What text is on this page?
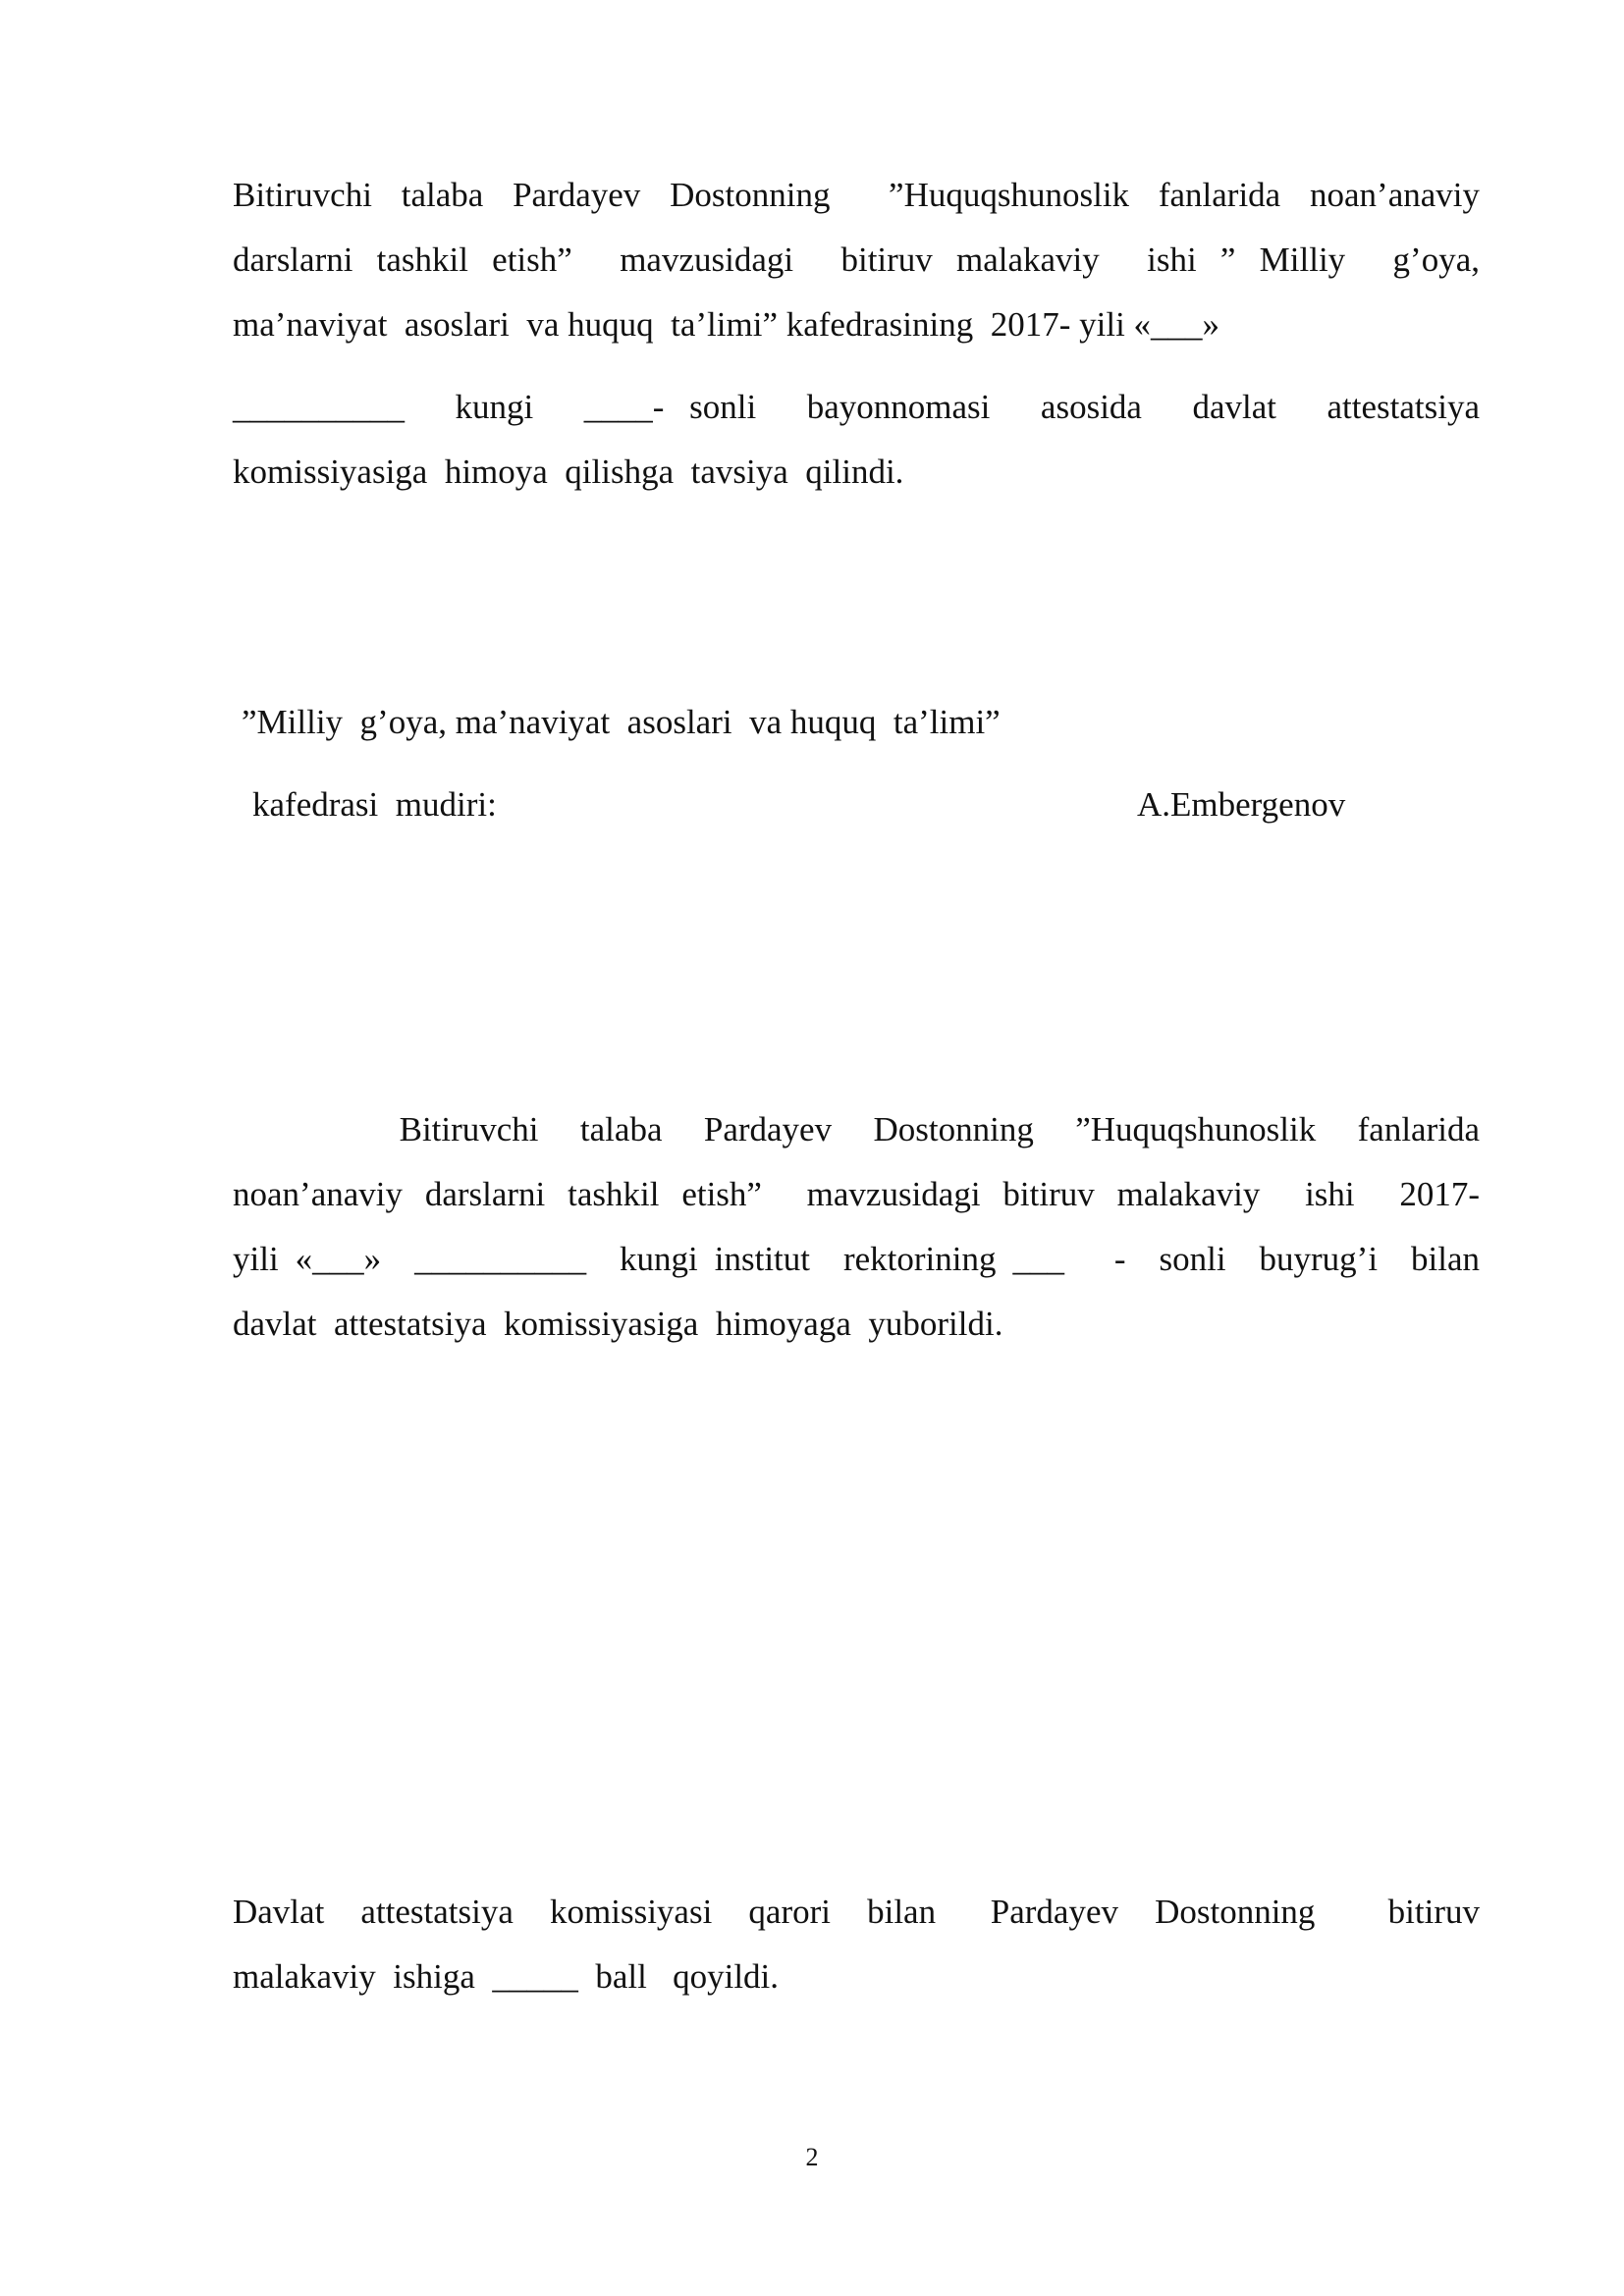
Bitiruvchi talaba Pardayev Dostonning  ”Huquqshunoslik fanlarida noan’anaviy
darslarni tashkil etish”  mavzusidagi  bitiruv malakaviy  ishi ” Milliy  g’oya,
ma’naviyat  asoslari  va huquq  ta’limi” kafedrasining  2017- yili «___»
__________  kungi  ____- sonli  bayonnomasi  asosida  davlat  attestatsiya
komissiyasiga  himoya  qilishga  tavsiya  qilindi.
”Milliy  g’oya, ma’naviyat  asoslari  va huquq  ta’limi”
kafedrasi  mudiri:	A.Embergenov
Bitiruvchi  talaba  Pardayev  Dostonning  ”Huquqshunoslik  fanlarida
noan’anaviy darslarni tashkil etish”  mavzusidagi bitiruv malakaviy  ishi  2017-
yili «___»  __________  kungi institut  rektorining ___   -  sonli  buyrug’i  bilan
davlat  attestatsiya  komissiyasiga  himoyaga  yuborildi.
Davlat  attestatsiya  komissiyasi  qarori  bilan   Pardayev  Dostonning    bitiruv
malakaviy  ishiga  _____  ball   qoyildi.
2
